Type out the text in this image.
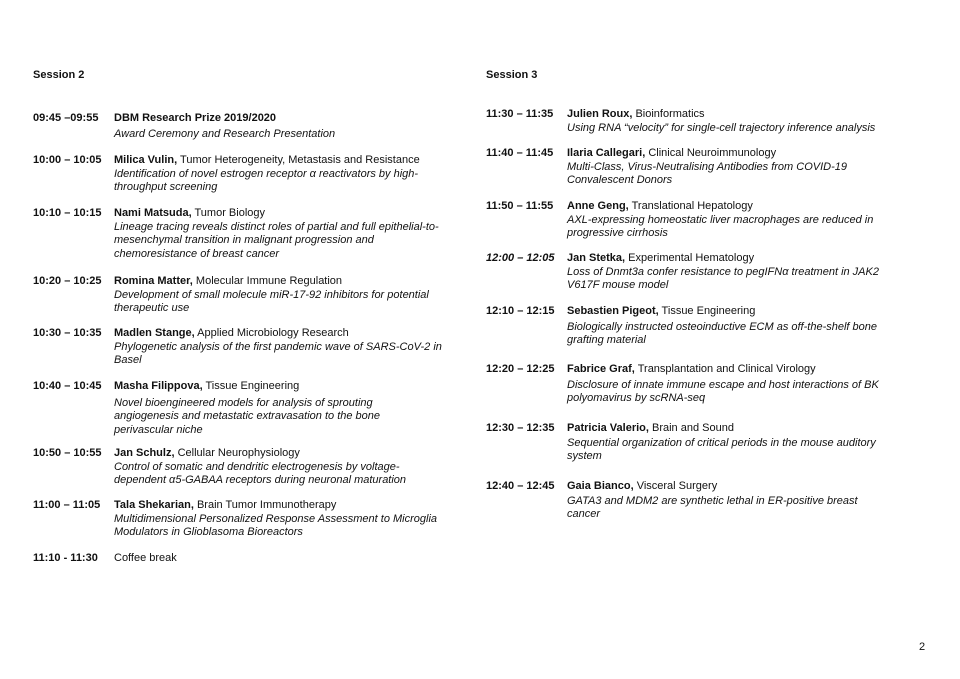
Session 2
09:45 –09:55	DBM Research Prize 2019/2020
Award Ceremony and Research Presentation
10:00 – 10:05	Milica Vulin, Tumor Heterogeneity, Metastasis and Resistance
Identification of novel estrogen receptor α reactivators by high-throughput screening
10:10 – 10:15	Nami Matsuda, Tumor Biology
Lineage tracing reveals distinct roles of partial and full epithelial-to-mesenchymal transition in malignant progression and chemoresistance of breast cancer
10:20 – 10:25	Romina Matter, Molecular Immune Regulation
Development of small molecule miR-17-92 inhibitors for potential therapeutic use
10:30 – 10:35	Madlen Stange, Applied Microbiology Research
Phylogenetic analysis of the first pandemic wave of SARS-CoV-2 in Basel
10:40 – 10:45	Masha Filippova, Tissue Engineering
Novel bioengineered models for analysis of sprouting angiogenesis and metastatic extravasation to the bone perivascular niche
10:50 – 10:55	Jan Schulz, Cellular Neurophysiology
Control of somatic and dendritic electrogenesis by voltage-dependent α5-GABAA receptors during neuronal maturation
11:00 – 11:05	Tala Shekarian, Brain Tumor Immunotherapy
Multidimensional Personalized Response Assessment to Microglia Modulators in Glioblasoma Bioreactors
11:10 - 11:30	Coffee break
Session 3
11:30 – 11:35	Julien Roux, Bioinformatics
Using RNA “velocity” for single-cell trajectory inference analysis
11:40 – 11:45	Ilaria Callegari, Clinical Neuroimmunology
Multi-Class, Virus-Neutralising Antibodies from COVID-19 Convalescent Donors
11:50 – 11:55	Anne Geng, Translational Hepatology
AXL-expressing homeostatic liver macrophages are reduced in progressive cirrhosis
12:00 – 12:05	Jan Stetka, Experimental Hematology
Loss of Dnmt3a confer resistance to pegIFNα treatment in JAK2 V617F mouse model
12:10 – 12:15	Sebastien Pigeot, Tissue Engineering
Biologically instructed osteoinductive ECM as off-the-shelf bone grafting material
12:20 – 12:25	Fabrice Graf, Transplantation and Clinical Virology
Disclosure of innate immune escape and host interactions of BK polyomavirus by scRNA-seq
12:30 – 12:35	Patricia Valerio, Brain and Sound
Sequential organization of critical periods in the mouse auditory system
12:40 – 12:45	Gaia Bianco, Visceral Surgery
GATA3 and MDM2 are synthetic lethal in ER-positive breast cancer
2
